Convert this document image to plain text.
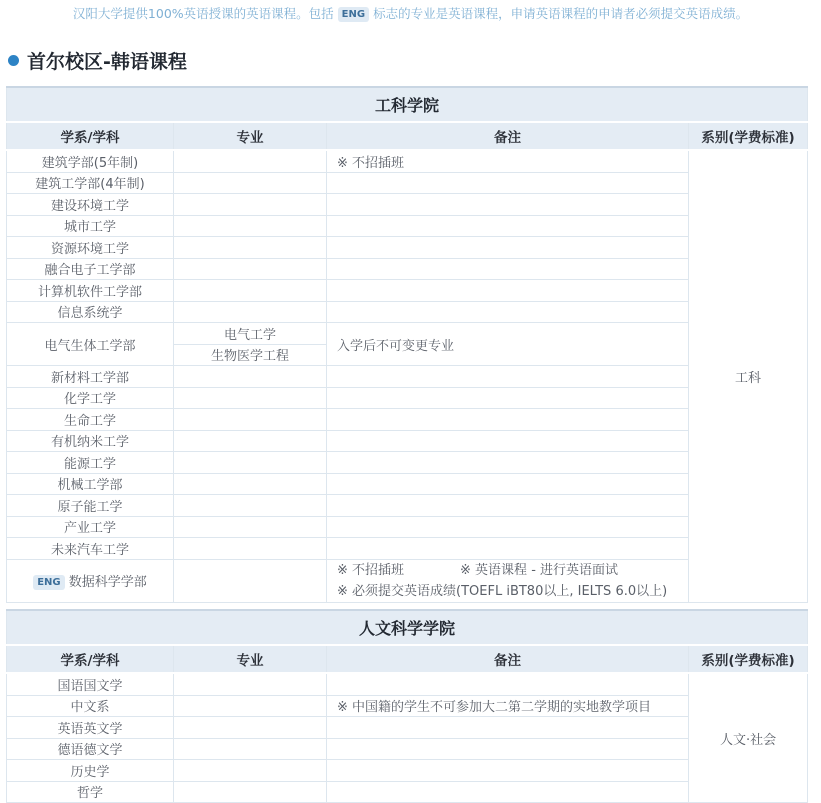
汉阳大学提供100%英语授课的英语课程。包括 ENG 标志的专业是英语课程，申请英语课程的申请者必须提交英语成绩。
首尔校区-韩语课程
工科学院			
学系/学科	专业	备注	系别(学费标准)
建筑学部(5年制)		※ 不招插班	工科
建筑工学部(4年制)			
建设环境工学			
城市工学			
资源环境工学			
融合电子工学部			
计算机软件工学部			
信息系统学			
电气生体工学部	电气工学	入学后不可变更专业	
	生物医学工程		
新材料工学部			
化学工学			
生命工学			
有机纳米工学			
能源工学			
机械工学部			
原子能工学			
产业工学			
未来汽车工学			
ENG 数据科学学部		※ 不招插班 ※ 英语课程 - 进行英语面试
※ 必须提交英语成绩(TOEFL iBT80以上, IELTS 6.0以上)	
人文科学学院			
学系/学科	专业	备注	系别(学费标准)
国语国文学			人文·社会
中文系		※ 中国籍的学生不可参加大二第二学期的实地教学项目	
英语英文学			
德语德文学			
历史学			
哲学			
